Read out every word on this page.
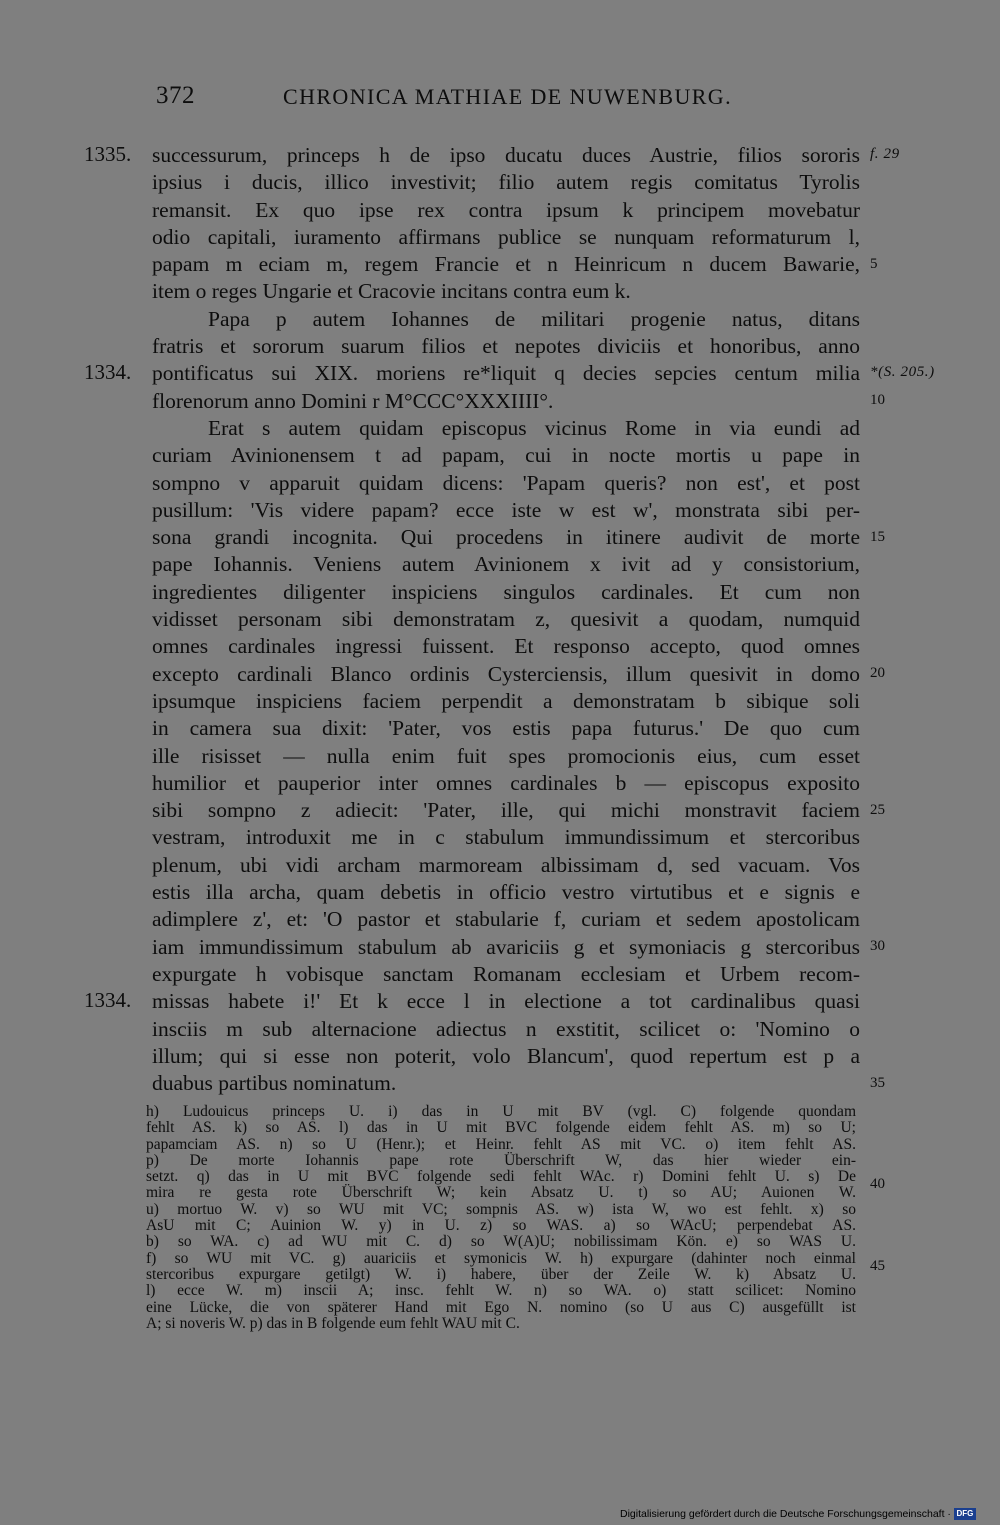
372	CHRONICA MATHIAE DE NUWENBURG.
1335.
1334.
1334.
f. 29
*(S. 205.)
5
10
15
20
25
30
35
40
45
successurum, princeps h de ipso ducatu duces Austrie, filios sororis
ipsius i ducis, illico investivit; filio autem regis comitatus Tyrolis
remansit. Ex quo ipse rex contra ipsum k principem movebatur
odio capitali, iuramento affirmans publice se nunquam reformaturum l,
papam m eciam m, regem Francie et n Heinricum n ducem Bawarie,
item o reges Ungarie et Cracovie incitans contra eum k.
Papa p autem Iohannes de militari progenie natus, ditans
fratris et sororum suarum filios et nepotes diviciis et honoribus, anno
pontificatus sui XIX. moriens re*liquit q decies sepcies centum milia
florenorum anno Domini r M°CCC°XXXIIII°.
Erat s autem quidam episcopus vicinus Rome in via eundi ad
curiam Avinionensem t ad papam, cui in nocte mortis u pape in
sompno v apparuit quidam dicens: 'Papam queris? non est', et post
pusillum: 'Vis videre papam? ecce iste w est w', monstrata sibi per-
sona grandi incognita. Qui procedens in itinere audivit de morte
pape Iohannis. Veniens autem Avinionem x ivit ad y consistorium,
ingredientes diligenter inspiciens singulos cardinales. Et cum non
vidisset personam sibi demonstratam z, quesivit a quodam, numquid
omnes cardinales ingressi fuissent. Et responso accepto, quod omnes
excepto cardinali Blanco ordinis Cysterciensis, illum quesivit in domo
ipsumque inspiciens faciem perpendit a demonstratam b sibique soli
in camera sua dixit: 'Pater, vos estis papa futurus.' De quo cum
ille risisset — nulla enim fuit spes promocionis eius, cum esset
humilior et pauperior inter omnes cardinales b — episcopus exposito
sibi sompno z adiecit: 'Pater, ille, qui michi monstravit faciem
vestram, introduxit me in c stabulum immundissimum et stercoribus
plenum, ubi vidi archam marmoream albissimam d, sed vacuam. Vos
estis illa archa, quam debetis in officio vestro virtutibus et e signis e
adimplere z', et: 'O pastor et stabularie f, curiam et sedem apostolicam
iam immundissimum stabulum ab avariciis g et symoniacis g stercoribus
expurgate h vobisque sanctam Romanam ecclesiam et Urbem recom-
missas habete i!' Et k ecce l in electione a tot cardinalibus quasi
insciis m sub alternacione adiectus n exstitit, scilicet o: 'Nomino o
illum; qui si esse non poterit, volo Blancum', quod repertum est p a
duabus partibus nominatum.
h) Ludouicus princeps U. i) das in U mit BV (vgl. C) folgende quondam
fehlt AS. k) so AS. l) das in U mit BVC folgende eidem fehlt AS. m) so U;
papamciam AS. n) so U (Henr.); et Heinr. fehlt AS mit VC. o) item fehlt AS.
p) De morte Iohannis pape rote Überschrift W, das hier wieder ein-
setzt. q) das in U mit BVC folgende sedi fehlt WAc. r) Domini fehlt U. s) De
mira re gesta rote Überschrift W; kein Absatz U. t) so AU; Auionen W.
u) mortuo W. v) so WU mit VC; sompnis AS. w) ista W, wo est fehlt. x) so
AsU mit C; Auinion W. y) in U. z) so WAS. a) so WAcU; perpendebat AS.
b) so WA. c) ad WU mit C. d) so W(A)U; nobilissimam Kön. e) so WAS U.
f) so WU mit VC. g) auariciis et symonicis W. h) expurgare (dahinter noch einmal
stercoribus expurgare getilgt) W. i) habere, über der Zeile W. k) Absatz U.
l) ecce W. m) inscii A; insc. fehlt W. n) so WA. o) statt scilicet: Nomino
eine Lücke, die von späterer Hand mit Ego N. nomino (so U aus C) ausgefüllt ist
A; si noveris W. p) das in B folgende eum fehlt WAU mit C.
Digitalisierung gefördert durch die Deutsche Forschungsgemeinschaft · DFG
